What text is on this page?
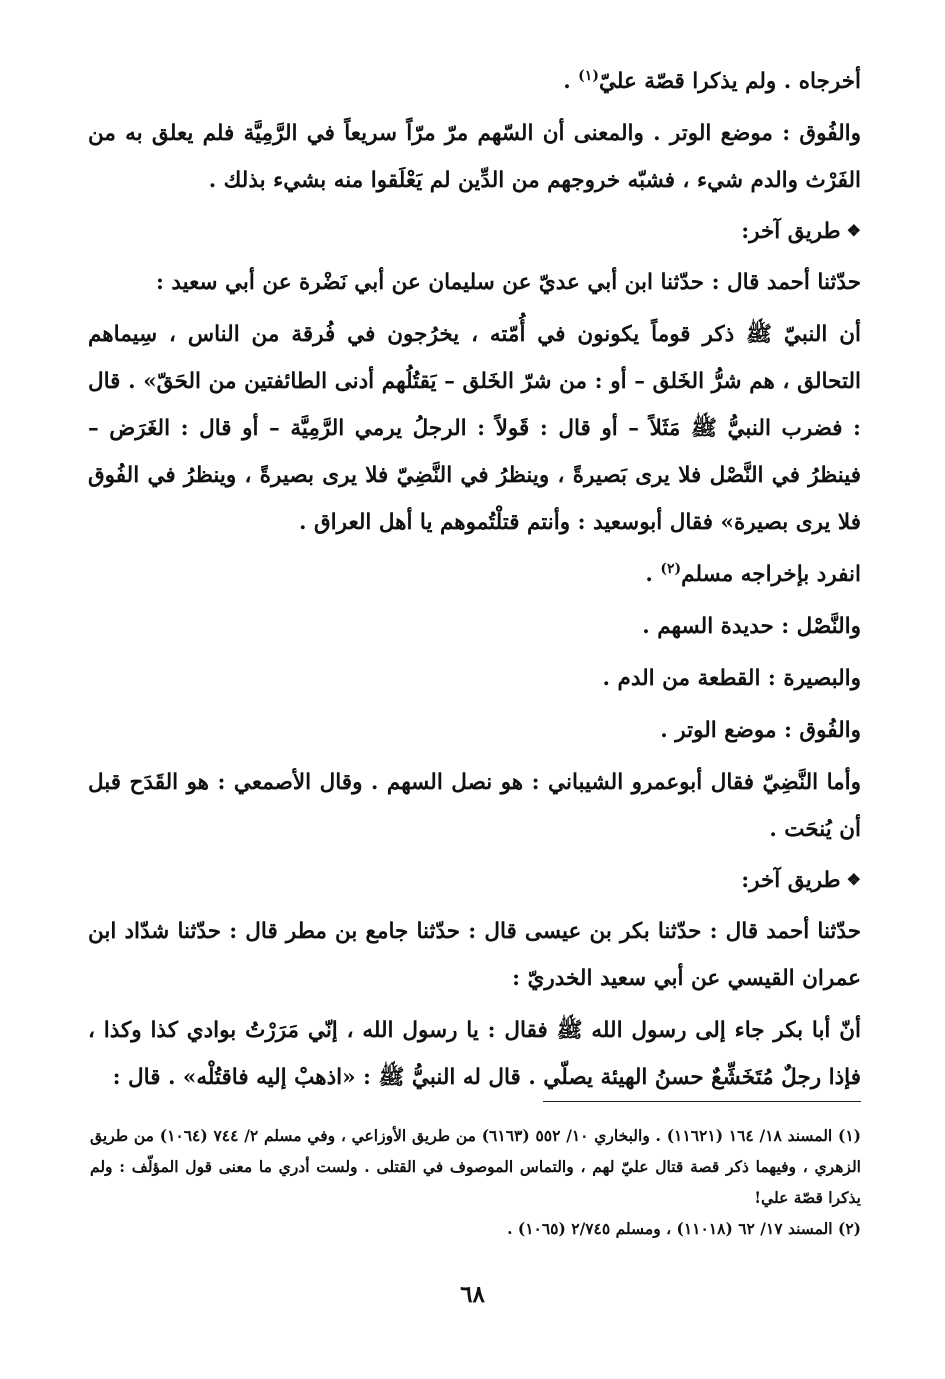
أخرجاه . ولم يذكرا قصّة عليّ$^{(١)}$ .

والفُوق : موضع الوتر . والمعنى أن السّهم مرّ مرّاً سريعاً في الرَّمِيَّة فلم يعلق به من الفَرْث والدم شيء ، فشبّه خروجهم من الدِّين لم يَعْلَقوا منه بشيء بذلك .

❖طريق آخر:

حدّثنا أحمد قال : حدّثنا ابن أبي عديّ عن سليمان عن أبي نَضْرة عن أبي سعيد :

أن النبيّ ﷺ ذكر قوماً يكونون في أُمّته ، يخرُجون في فُرقة من الناس ، سِيماهم التحالق ، هم شرُّ الخَلق – أو : من شرّ الخَلق – يَقتُلُهم أدنى الطائفتين من الحَقّ» . قال : فضرب النبيُّ ﷺ مَثَلاً – أو قال : قَولاً : الرجلُ يرمي الرَّمِيَّة – أو قال : الغَرَض – فينظرُ في النَّصْل فلا يرى بَصيرةً ، وينظرُ في النَّضِيّ فلا يرى بصيرةً ، وينظرُ في الفُوق فلا يرى بصيرة» فقال أبوسعيد : وأنتم قتلْتُموهم يا أهل العراق .

انفرد بإخراجه مسلم$^{(٢)}$ .

والنَّصْل : حديدة السهم .

والبصيرة : القطعة من الدم .

والفُوق : موضع الوتر .

وأما النَّضِيّ فقال أبوعمرو الشيباني : هو نصل السهم . وقال الأصمعي : هو القَدَح قبل أن يُنحَت .

❖طريق آخر:

حدّثنا أحمد قال : حدّثنا بكر بن عيسى قال : حدّثنا جامع بن مطر قال : حدّثنا شدّاد ابن عمران القيسي عن أبي سعيد الخدريّ :

أنّ أبا بكر جاء إلى رسول الله ﷺ فقال : يا رسول الله ، إنّي مَرَرْتُ بوادي كذا وكذا ، فإذا رجلٌ مُتَخَشِّعٌ حسنُ الهيئة يصلّي . قال له النبيُّ ﷺ : «اذهبْ إليه فاقتُلْه» . قال :

(١) المسند ١٨/ ١٦٤ (١١٦٢١) . والبخاري ١٠/ ٥٥٢ (٦١٦٣) من طريق الأوزاعي ، وفي مسلم ٢/ ٧٤٤ (١٠٦٤) من طريق الزهري ، وفيهما ذكر قصة قتال عليّ لهم ، والتماس الموصوف في القتلى . ولست أدري ما معنى قول المؤلّف : ولم يذكرا قصّة علي!

(٢) المسند ١٧/ ٦٢ (١١٠١٨) ، ومسلم ٢/٧٤٥ (١٠٦٥) .

٦٨
